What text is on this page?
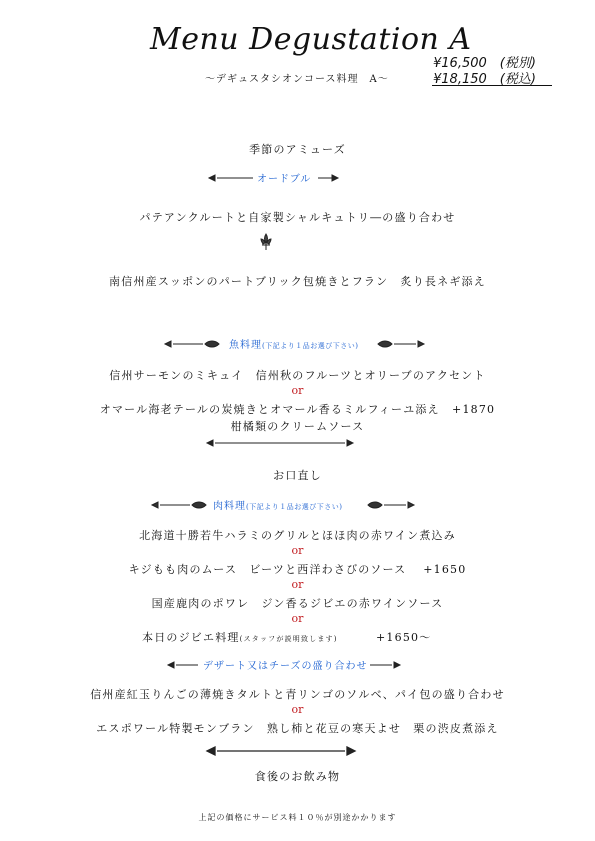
Menu Degustation A
～デギュスタシオンコース料理　A～
¥16,500　(税別)
¥18,150　(税込)
季節のアミューズ
オードブル
パテアンクルートと自家製シャルキュトリ―の盛り合わせ
南信州産スッポンのパートブリック包焼きとフラン　炙り長ネギ添え
魚料理(下記より１品お選び下さい)
信州サーモンのミキュイ　信州秋のフルーツとオリーブのアクセント
or
オマール海老テールの炭焼きとオマール香るミルフィーユ添え　+1870
柑橘類のクリームソース
お口直し
肉料理(下記より１品お選び下さい)
北海道十勝若牛ハラミのグリルとほほ肉の赤ワイン煮込み
or
キジもも肉のムース　ビーツと西洋わさびのソース　 +1650
or
国産鹿肉のポワレ　ジン香るジビエの赤ワインソース
or
本日のジビエ料理(スタッフが説明致します)	+1650～
デザート又はチーズの盛り合わせ
信州産紅玉りんごの薄焼きタルトと青リンゴのソルベ、パイ包の盛り合わせ
or
エスポワール特製モンブラン　熟し柿と花豆の寒天よせ　栗の渋皮煮添え
食後のお飲み物
上記の価格にサービス料１０％が別途かかります
